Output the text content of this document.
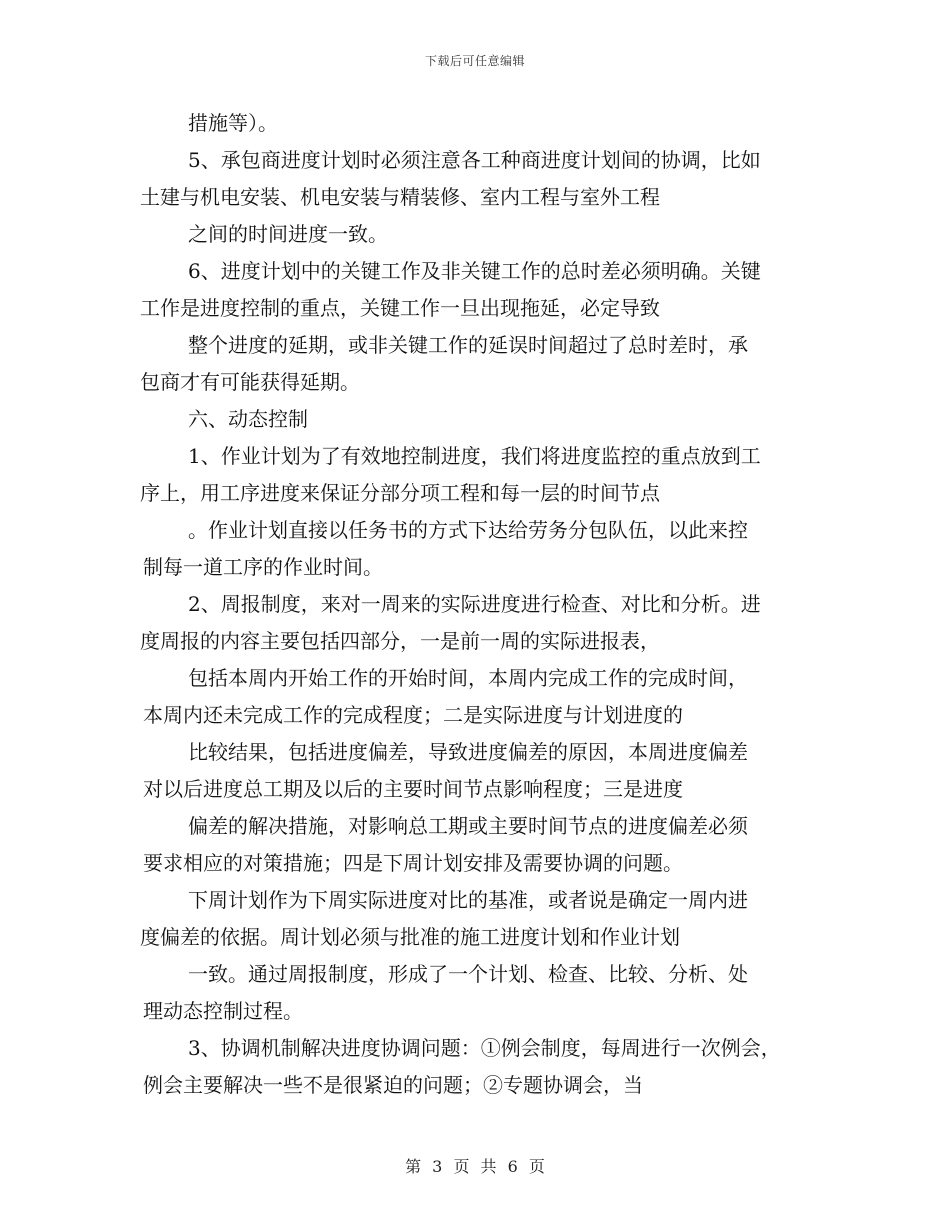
下载后可任意编辑
措施等）。
5、承包商进度计划时必须注意各工种商进度计划间的协调，比如
土建与机电安装、机电安装与精装修、室内工程与室外工程
之间的时间进度一致。
6、进度计划中的关键工作及非关键工作的总时差必须明确。关键
工作是进度控制的重点，关键工作一旦出现拖延，必定导致
整个进度的延期，或非关键工作的延误时间超过了总时差时，承
包商才有可能获得延期。
六、动态控制
1、作业计划为了有效地控制进度，我们将进度监控的重点放到工
序上，用工序进度来保证分部分项工程和每一层的时间节点
。作业计划直接以任务书的方式下达给劳务分包队伍，以此来控
制每一道工序的作业时间。
2、周报制度，来对一周来的实际进度进行检查、对比和分析。进
度周报的内容主要包括四部分，一是前一周的实际进报表，
包括本周内开始工作的开始时间，本周内完成工作的完成时间，
本周内还未完成工作的完成程度；二是实际进度与计划进度的
比较结果，包括进度偏差，导致进度偏差的原因，本周进度偏差
对以后进度总工期及以后的主要时间节点影响程度；三是进度
偏差的解决措施，对影响总工期或主要时间节点的进度偏差必须
要求相应的对策措施；四是下周计划安排及需要协调的问题。
下周计划作为下周实际进度对比的基准，或者说是确定一周内进
度偏差的依据。周计划必须与批准的施工进度计划和作业计划
一致。通过周报制度，形成了一个计划、检查、比较、分析、处
理动态控制过程。
3、协调机制解决进度协调问题：①例会制度，每周进行一次例会，
例会主要解决一些不是很紧迫的问题；②专题协调会，当
第 3 页 共 6 页
